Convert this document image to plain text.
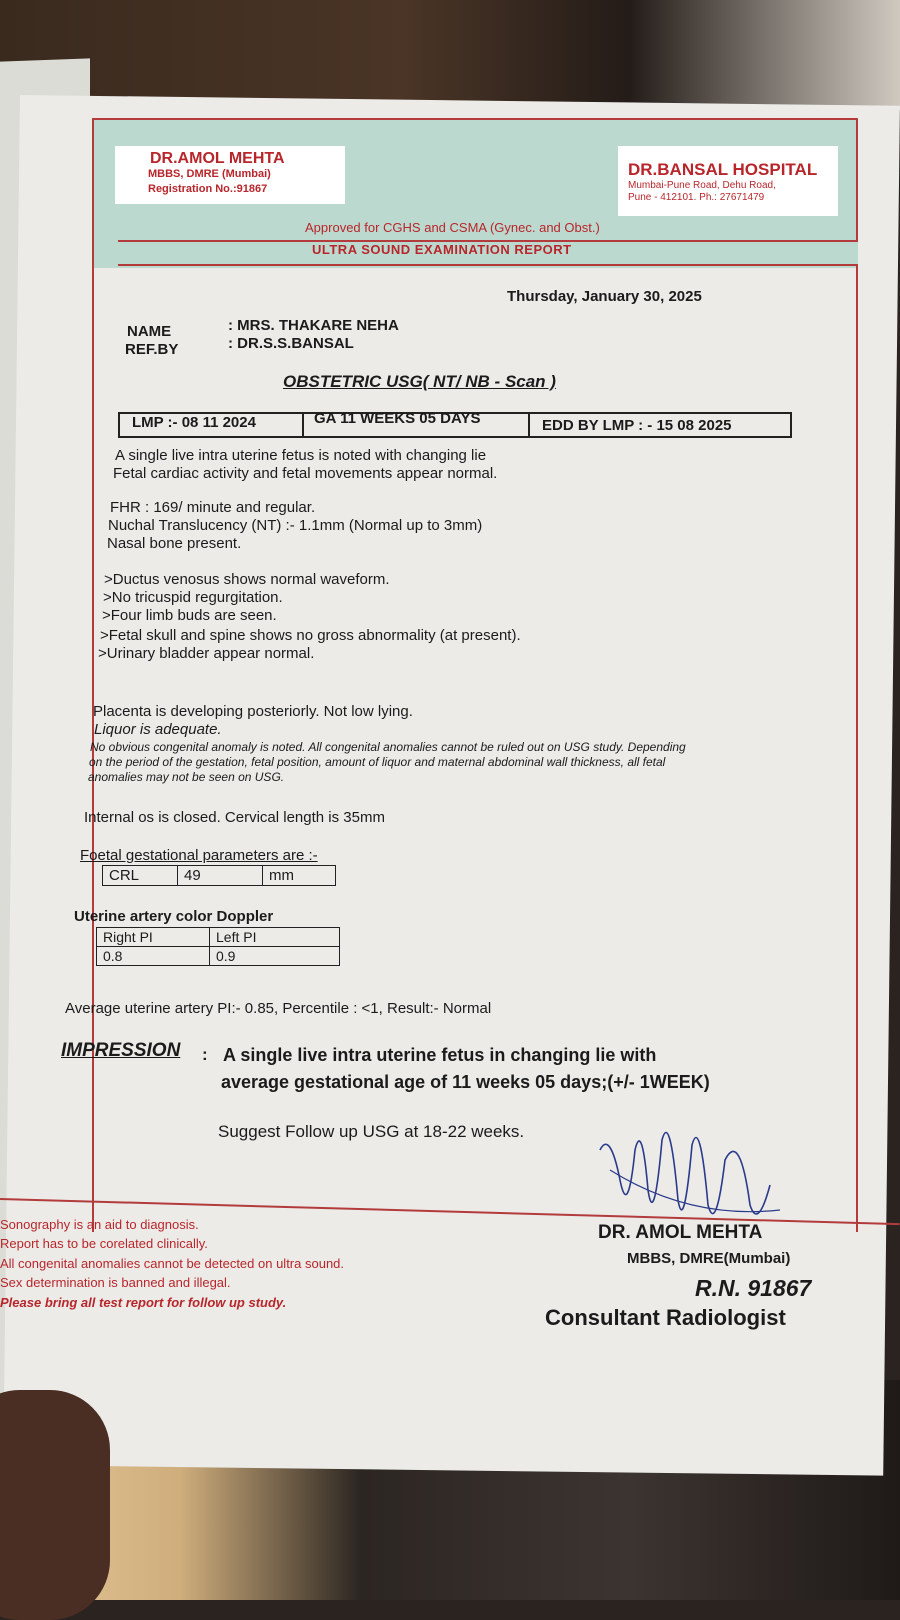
DR.AMOL MEHTA
MBBS, DMRE (Mumbai)
Registration No.:91867
DR.BANSAL HOSPITAL
Mumbai-Pune Road, Dehu Road,
Pune - 412101. Ph.: 27671479
Approved for CGHS and CSMA (Gynec. and Obst.)
ULTRA SOUND EXAMINATION REPORT
Thursday, January 30, 2025
NAME	: MRS. THAKARE NEHA
REF.BY	: DR.S.S.BANSAL
OBSTETRIC USG( NT/ NB - Scan )
LMP :- 08 11 2024	GA 11 WEEKS 05 DAYS	EDD BY LMP : - 15 08 2025
A single live intra uterine fetus is noted with changing lie
Fetal cardiac activity and fetal movements appear normal.
FHR : 169/ minute and regular.
Nuchal Translucency (NT) :- 1.1mm (Normal up to 3mm)
Nasal bone present.
>Ductus venosus shows normal waveform.
>No tricuspid regurgitation.
>Four limb buds are seen.
>Fetal skull and spine shows no gross abnormality (at present).
>Urinary bladder appear normal.
Placenta is developing posteriorly. Not low lying.
Liquor is adequate.
No obvious congenital anomaly is noted. All congenital anomalies cannot be ruled out on USG study. Depending
on the period of the gestation, fetal position, amount of liquor and maternal abdominal wall thickness, all fetal
anomalies may not be seen on USG.
Internal os is closed. Cervical length is 35mm
Foetal gestational parameters are :-
CRL	49	mm
Uterine artery color Doppler
Right PI	Left PI
0.8	0.9
Average uterine artery PI:- 0.85, Percentile : <1, Result:- Normal
IMPRESSION : A single live intra uterine fetus in changing lie with
average gestational age of 11 weeks 05 days;(+/- 1WEEK)
Suggest Follow up USG at 18-22 weeks.
Sonography is an aid to diagnosis.
Report has to be corelated clinically.
All congenital anomalies cannot be detected on ultra sound.
Sex determination is banned and illegal.
Please bring all test report for follow up study.
DR. AMOL MEHTA
MBBS, DMRE(Mumbai)
R.N. 91867
Consultant Radiologist
